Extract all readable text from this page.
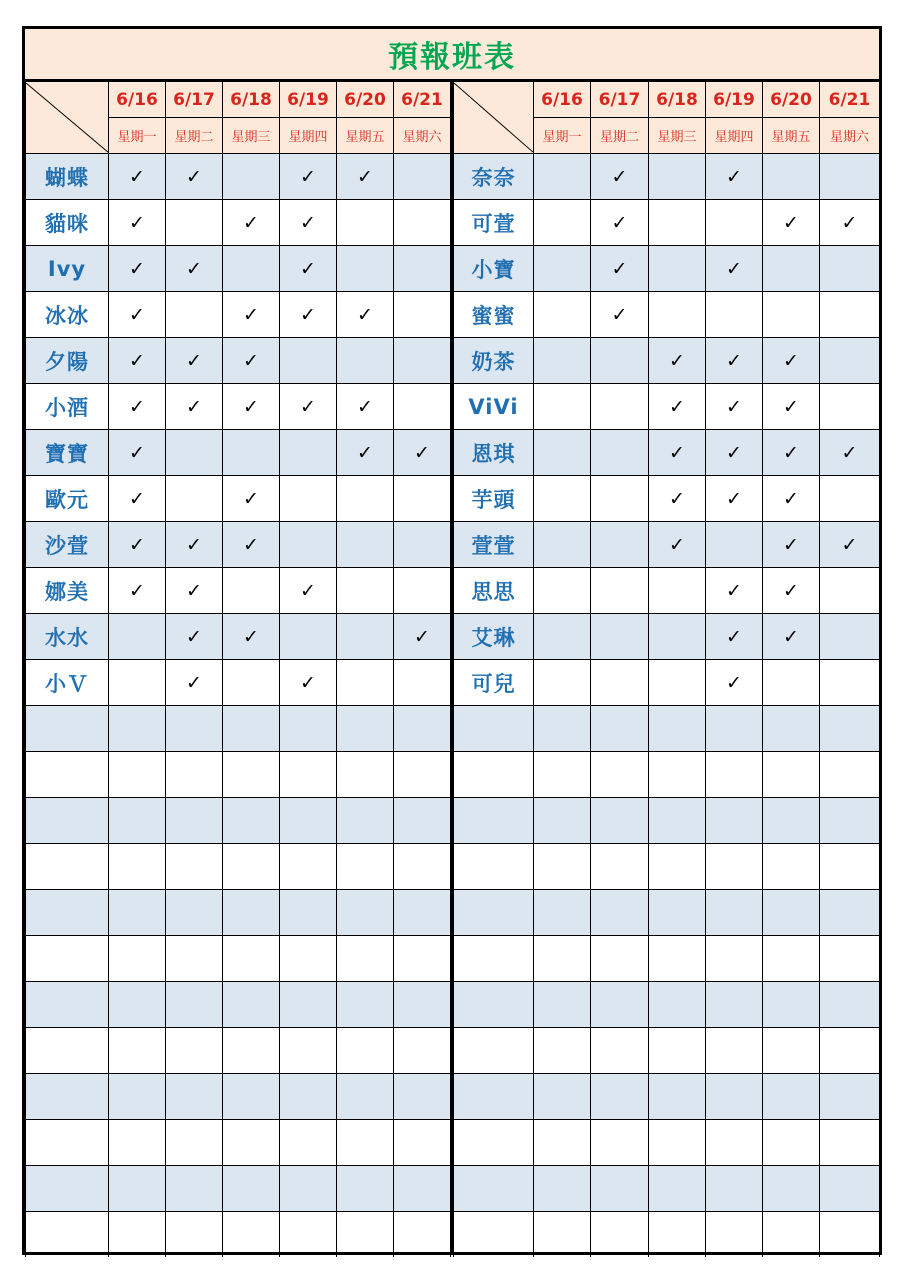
預報班表
	6/16	6/17	6/18	6/19	6/20	6/21
	星期一	星期二	星期三	星期四	星期五	星期六
蝴蝶	✓	✓		✓	✓	
貓咪	✓		✓	✓		
Ivy	✓	✓		✓		
冰冰	✓		✓	✓	✓	
夕陽	✓	✓	✓			
小酒	✓	✓	✓	✓	✓	
寶寶	✓				✓	✓
歐元	✓		✓			
沙萱	✓	✓	✓			
娜美	✓	✓		✓		
水水		✓	✓			✓
小Ｖ		✓		✓		

	6/16	6/17	6/18	6/19	6/20	6/21
	星期一	星期二	星期三	星期四	星期五	星期六
奈奈		✓		✓		
可萱		✓			✓	✓
小寶		✓		✓		
蜜蜜		✓				
奶茶			✓	✓	✓	
ViVi			✓	✓	✓	
恩琪			✓	✓	✓	✓
芋頭			✓	✓	✓	
萱萱			✓		✓	✓
思思				✓	✓	
艾琳				✓	✓	
可兒				✓		
